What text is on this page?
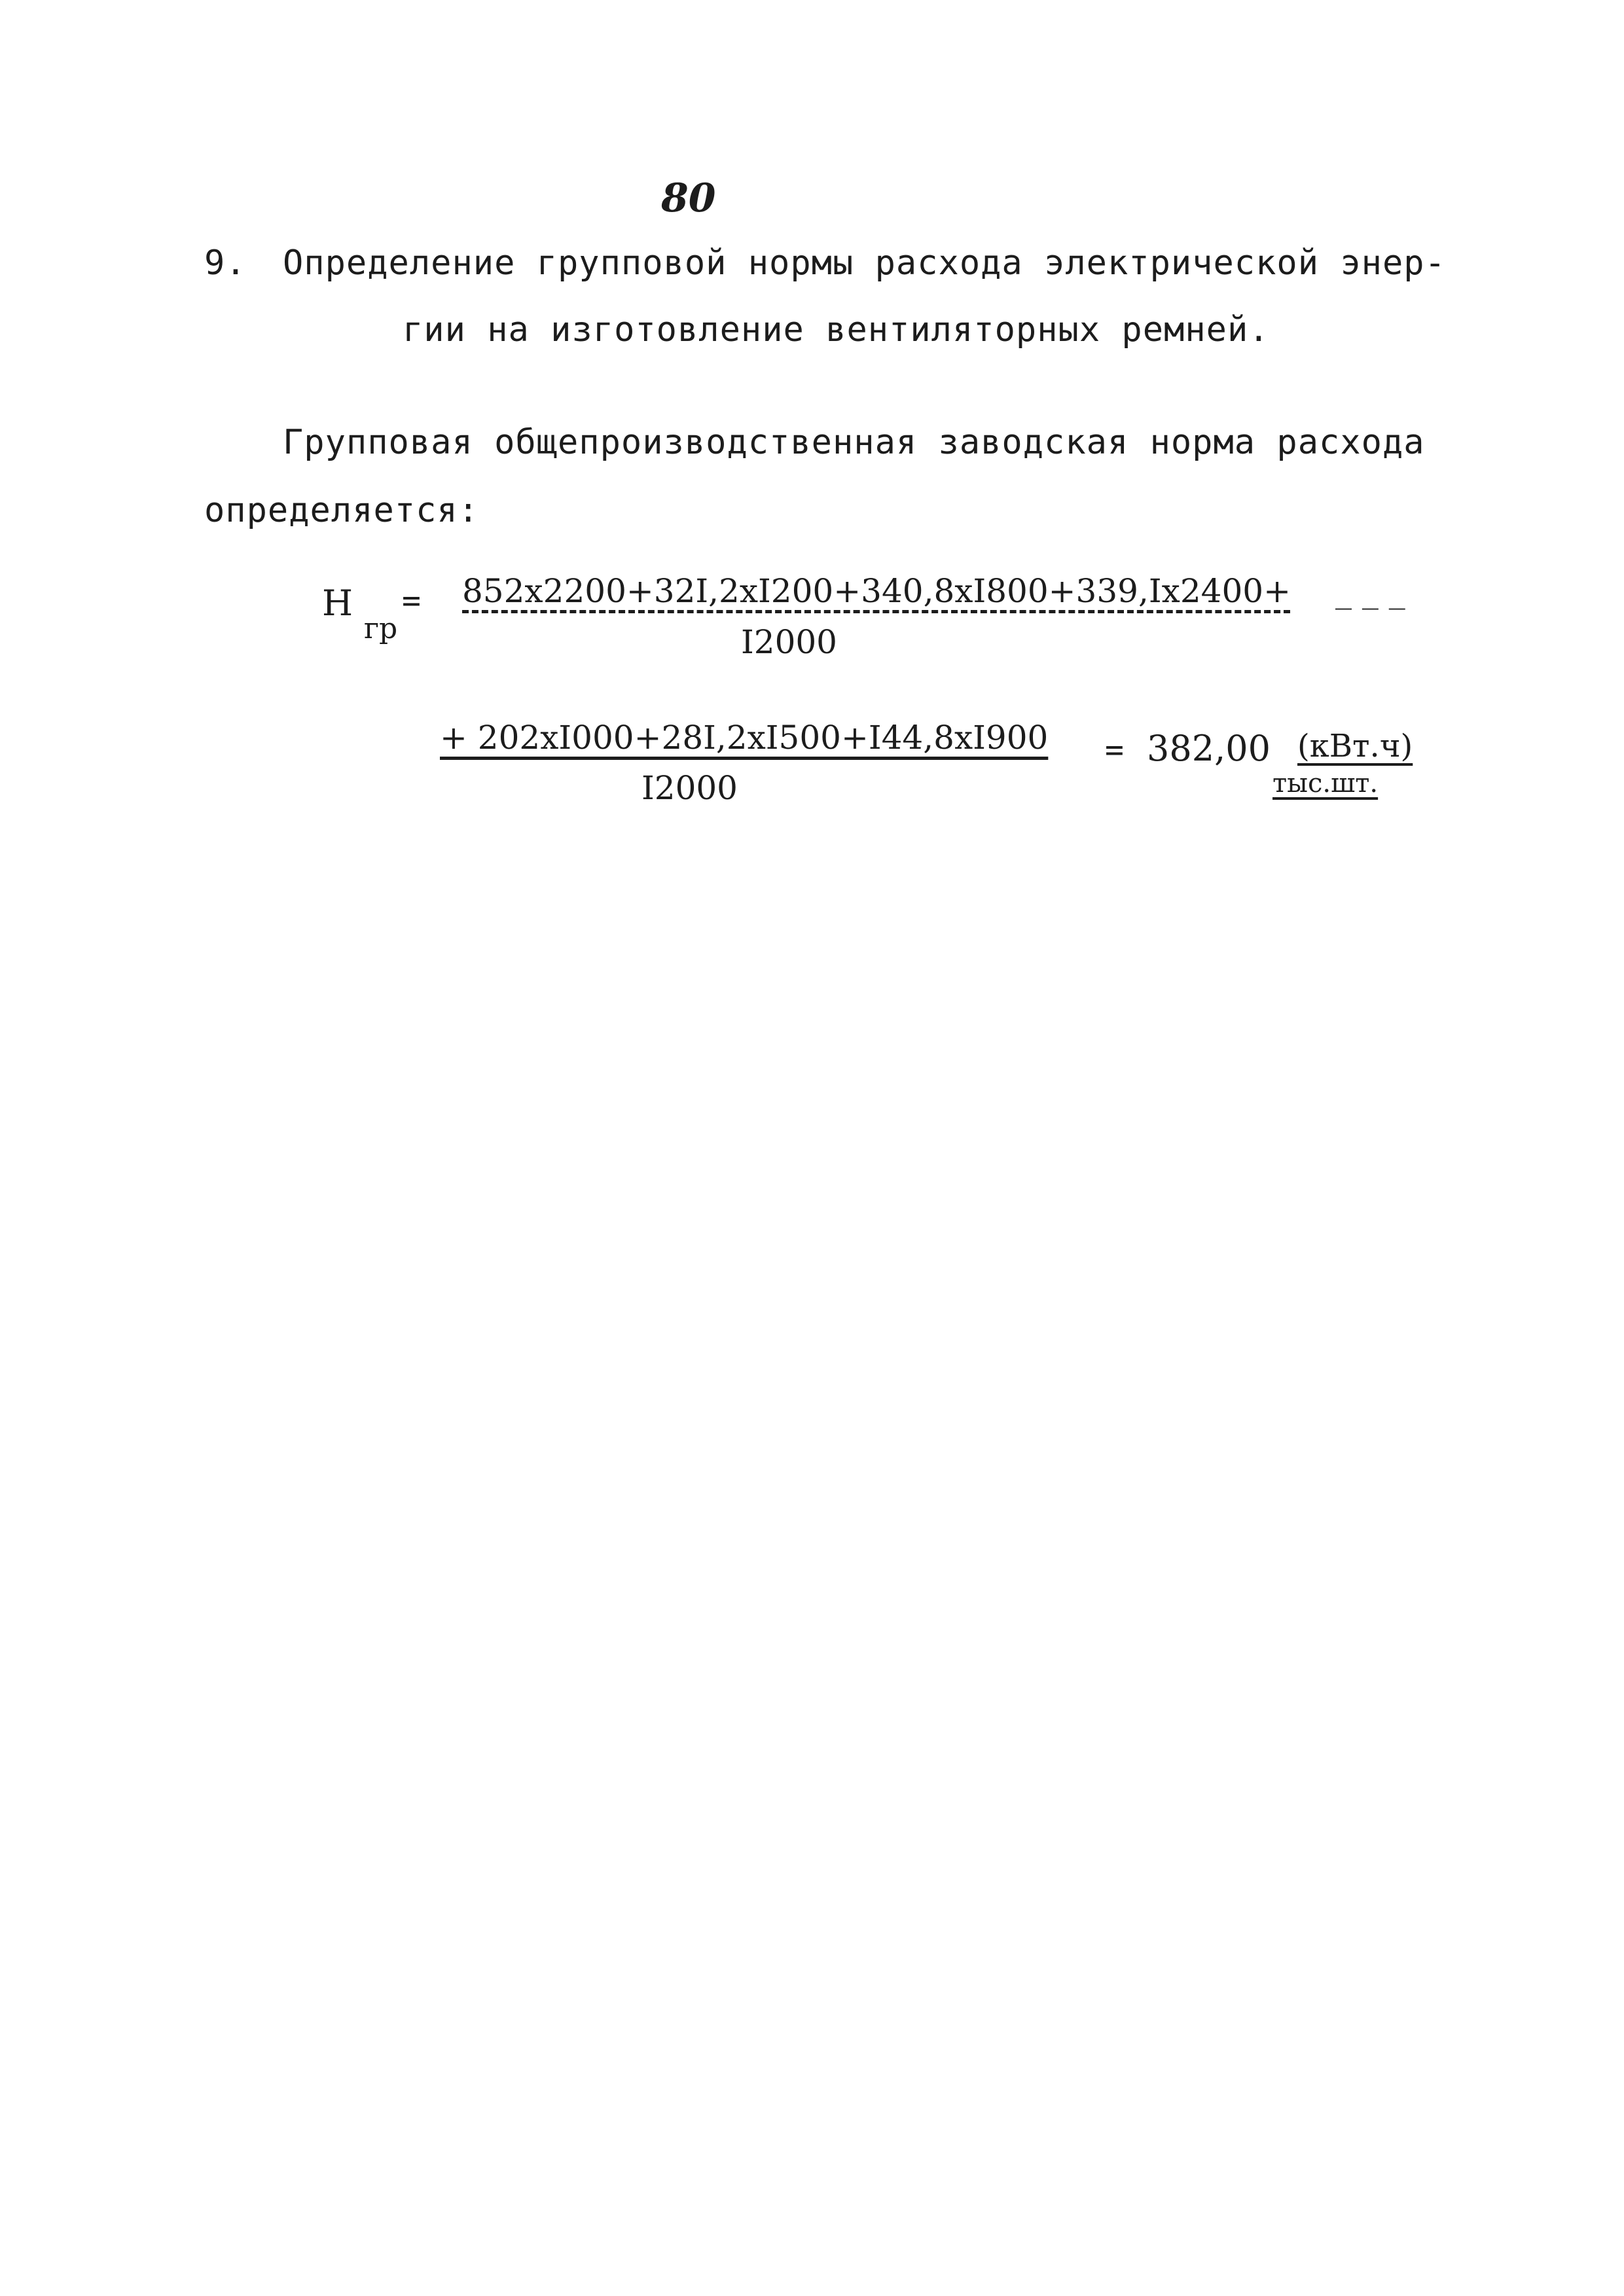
80
9. Определение групповой нормы расхода электрической энер-
гии на изготовление вентиляторных ремней.
Групповая общепроизводственная заводская норма расхода
определяется:
Н
гр
= 852x2200+32I,2xI200+340,8xI800+339,Ix2400+ _ _ _
I2000
+ 202xI000+28I,2xI500+I44,8xI900
I2000
= 382,00 (кВт.ч)
тыс.шт.
